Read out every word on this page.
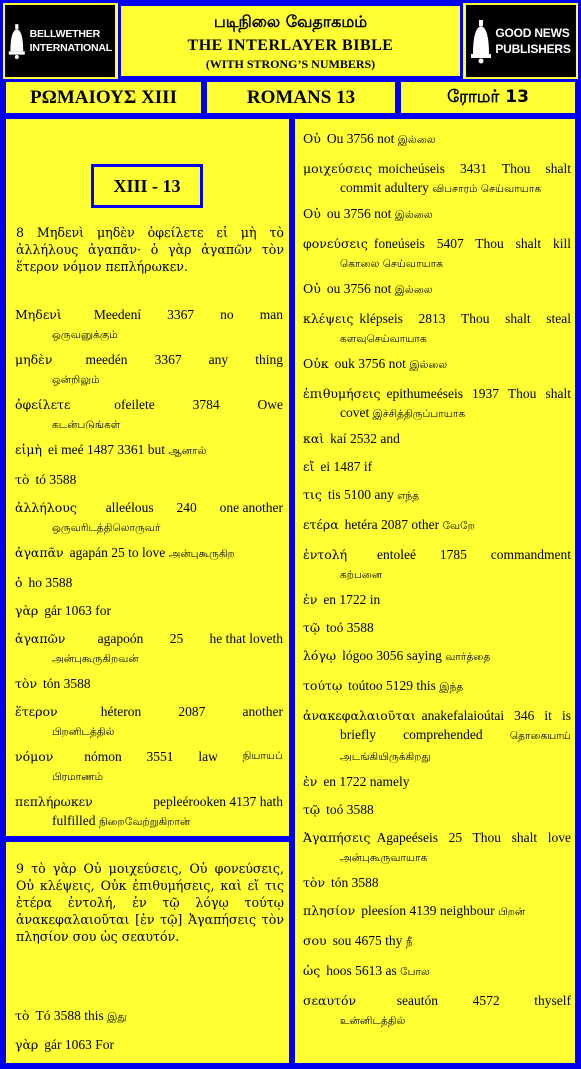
BELLWETHER
INTERNATIONAL
படிநிலை வேதாகமம்
THE INTERLAYER BIBLE
(WITH STRONG’S NUMBERS)
GOOD NEWS
PUBLISHERS
ΡΩΜΑΙΟΥΣ XIII	ROMANS 13	ரோமர் 13
XIII - 13
8 Μηδενὶ μηδὲν ὀφείλετε εἰ μὴ τὸ ἀλλήλους ἀγαπᾶν· ὁ γὰρ ἀγαπῶν τὸν ἕτερον νόμον πεπλήρωκεν.
Μηδενὶ Meedení 3367 no man
ஒருவனுக்கும்
μηδὲν meedén 3367 any thing
ஒன்றிலும்
ὀφείλετε	ofeilete	3784	Owe
கடன்படுங்கள்
εἰμὴ ei meé 1487 3361 but ஆனால்
τὸ tó 3588
ἀλλήλους alleélous 240 one another
ஒருவரிடத்திலொருவர்
ἀγαπᾶν agapán 25 to love அன்புகூருகிற
ὁ ho 3588
γὰρ gár 1063 for
ἀγαπῶν agapoón 25 he that loveth
அன்புகூருகிறவன்
τὸν tón 3588
ἕτερον	héteron	2087	another
பிறனிடத்தில்
νόμον nómon 3551 law நியாயப்
பிரமாணம்
πεπλήρωκεν	pepleérooken 4137 hath
fulfilled நிறைவேற்றுகிறான்
9 τὸ γὰρ Οὐ μοιχεύσεις, Οὐ φονεύσεις, Οὐ κλέψεις, Οὐκ ἐπιθυμήσεις, καὶ εἴ τις ἑτέρα ἐντολή, ἐν τῷ λόγῳ τούτῳ ἀνακεφαλαιοῦται [ἐν τῷ] Ἀγαπήσεις τὸν πλησίον σου ὡς σεαυτόν.
τὸ Tó 3588 this இது
γὰρ gár 1063 For
Οὐ Ou 3756 not இல்லை
μοιχεύσεις moicheúseis 3431 Thou shalt commit adultery விபசாரம் செய்வாயாக
Οὐ ou 3756 not இல்லை
φονεύσεις foneúseis 5407 Thou shalt kill கொலை செய்வாயாக
Οὐ ou 3756 not இல்லை
κλέψεις klépseis 2813 Thou shalt steal களவுசெய்வாயாக
Οὐκ ouk 3756 not இல்லை
ἐπιθυμήσεις epithumeéseis 1937 Thou shalt covet இச்சித்திருப்பாயாக
καὶ kaí 2532 and
εἴ ei 1487 if
τις tis 5100 any எந்த
ετέρα hetéra 2087 other வேறே
ἐντολή entoleé 1785 commandment
கற்பனை
ἐν en 1722 in
τῷ toó 3588
λόγῳ lógoo 3056 saying வார்த்தை
τούτῳ toútoo 5129 this இந்த
ἀνακεφαλαιοῦται anakefalaioútai 346 it is briefly comprehended	தொகையாய் அடங்கியிருக்கிறது
ἐν en 1722 namely
τῷ toó 3588
Ἀγαπήσεις Agapeéseis 25 Thou shalt love அன்புகூருவாயாக
τὸν tón 3588
πλησίον pleesíon 4139 neighbour பிறன்
σου sou 4675 thy நீ
ὡς hoos 5613 as போல
σεαυτόν	seautón	4572	thyself
உன்னிடத்தில்
